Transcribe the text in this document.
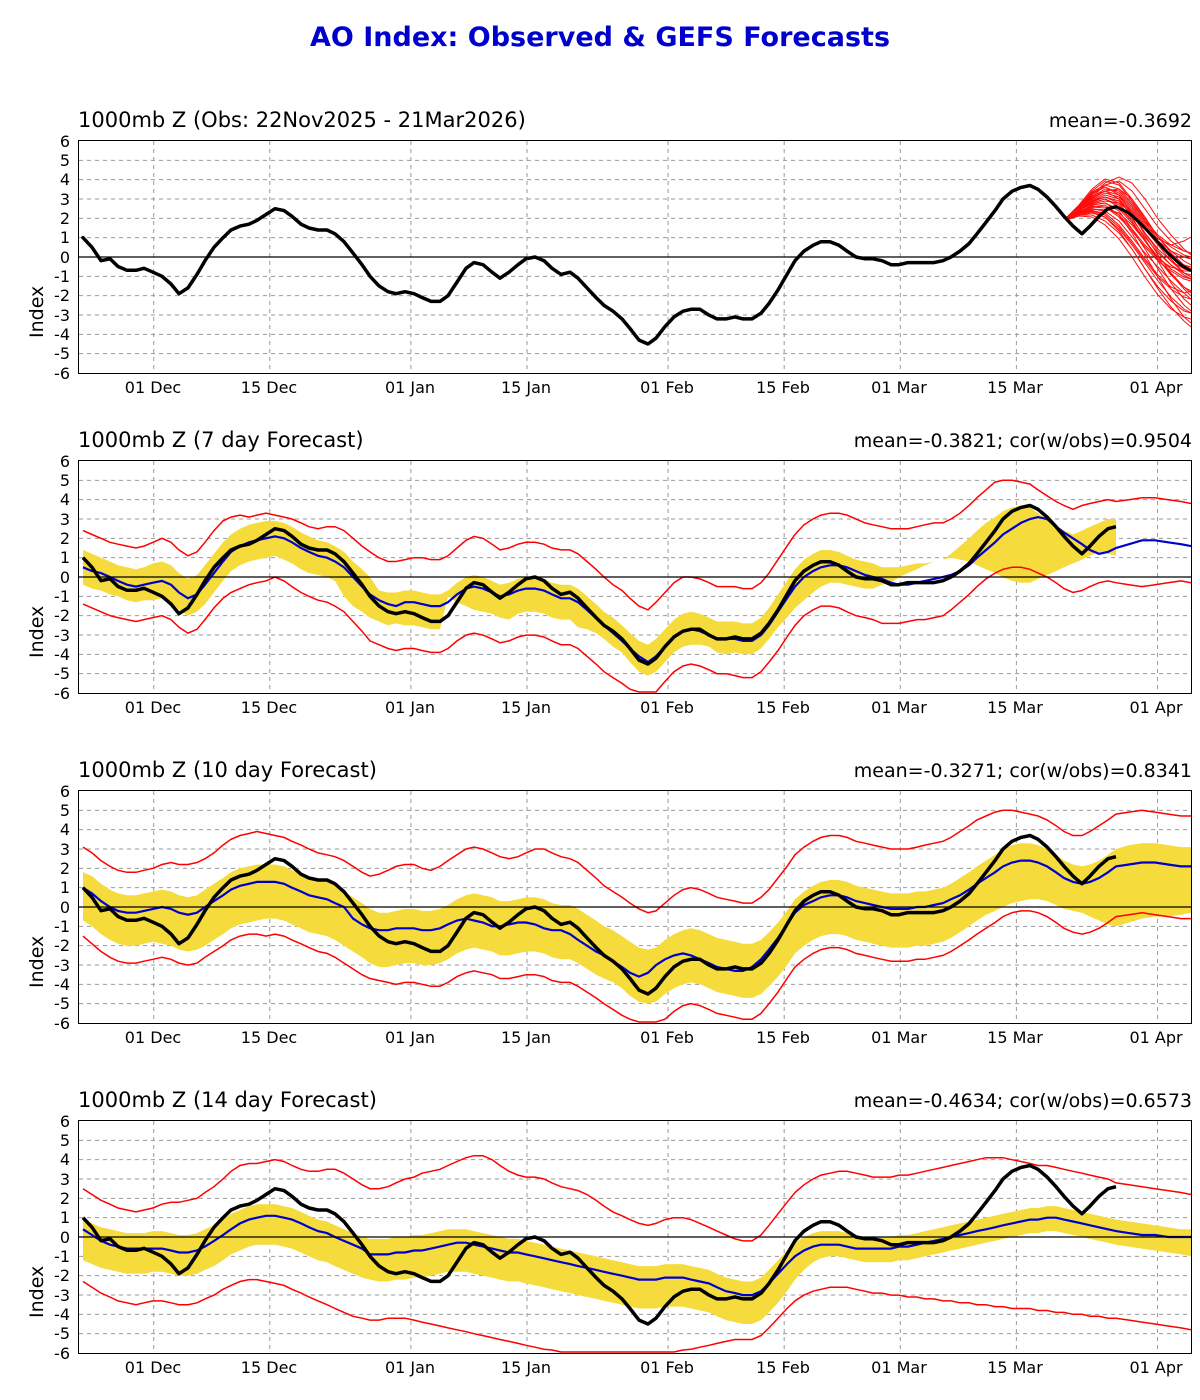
AO Index: Observed & GEFS Forecasts
1000mb Z (Obs: 22Nov2025 - 21Mar2026)	mean=-0.3692
Index
6
5
4
3
2
1
0
-1
-2
-3
-4
-5
-6
01 Dec	15 Dec	01 Jan	15 Jan	01 Feb	15 Feb	01 Mar	15 Mar	01 Apr
1000mb Z (7 day Forecast)	mean=-0.3821; cor(w/obs)=0.9504
Index
6
5
4
3
2
1
0
-1
-2
-3
-4
-5
-6
01 Dec	15 Dec	01 Jan	15 Jan	01 Feb	15 Feb	01 Mar	15 Mar	01 Apr
1000mb Z (10 day Forecast)	mean=-0.3271; cor(w/obs)=0.8341
Index
6
5
4
3
2
1
0
-1
-2
-3
-4
-5
-6
01 Dec	15 Dec	01 Jan	15 Jan	01 Feb	15 Feb	01 Mar	15 Mar	01 Apr
1000mb Z (14 day Forecast)	mean=-0.4634; cor(w/obs)=0.6573
Index
6
5
4
3
2
1
0
-1
-2
-3
-4
-5
-6
01 Dec	15 Dec	01 Jan	15 Jan	01 Feb	15 Feb	01 Mar	15 Mar	01 Apr
